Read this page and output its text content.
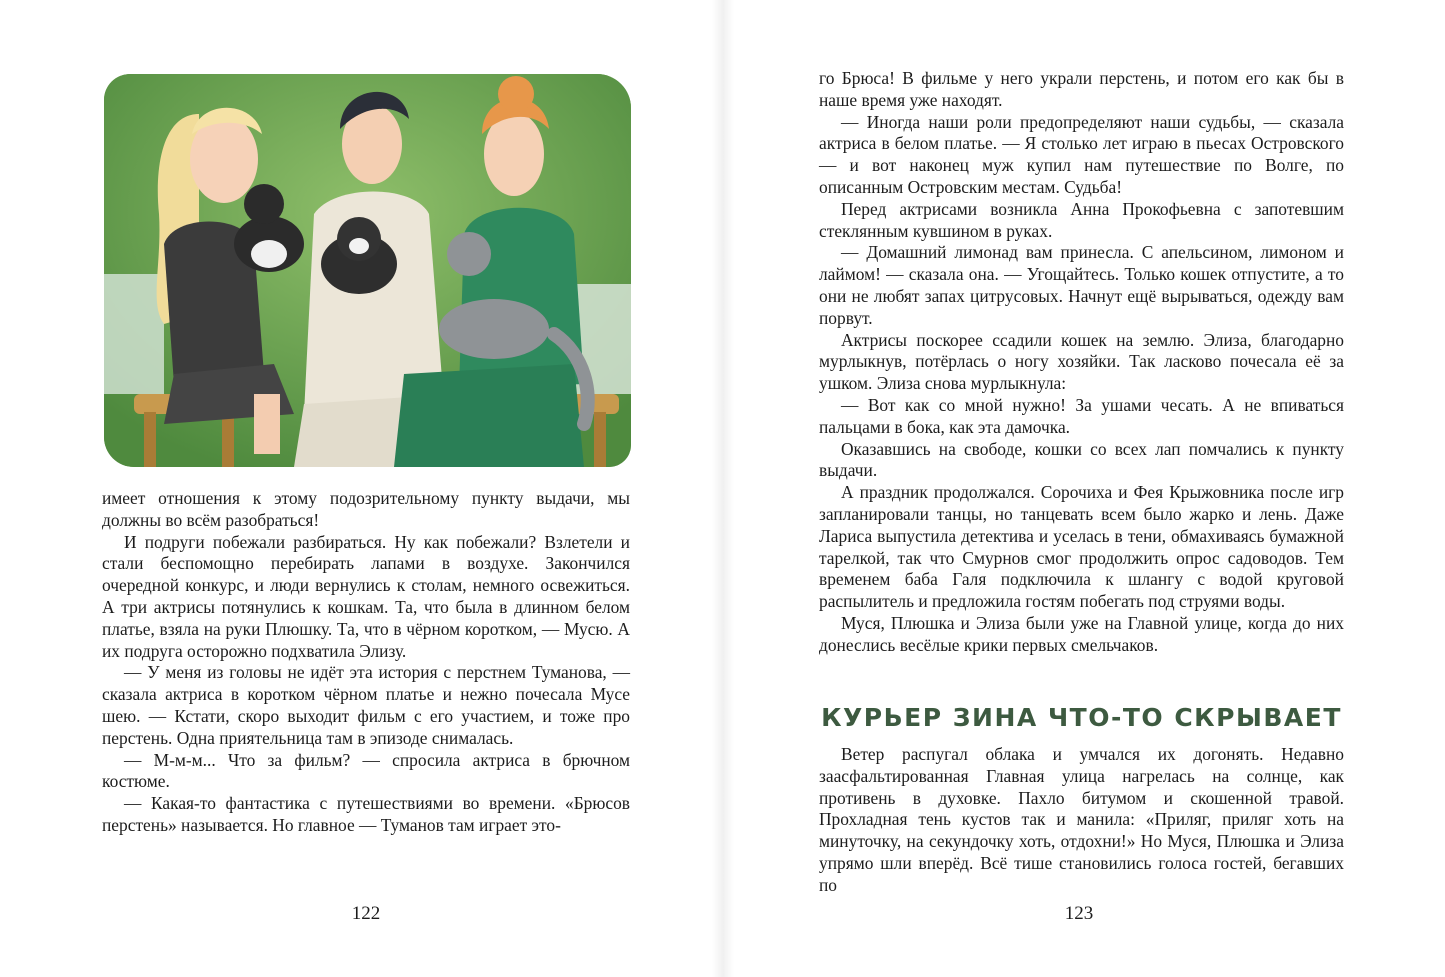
имеет отношения к этому подозрительному пункту выдачи, мы должны во всём разобраться!

И подруги побежали разбираться. Ну как побежали? Взлетели и стали беспомощно перебирать лапами в воздухе. Закончился очередной конкурс, и люди вернулись к столам, немного освежиться. А три актрисы потянулись к кошкам. Та, что была в длинном белом платье, взяла на руки Плюшку. Та, что в чёрном коротком, — Мусю. А их подруга осторожно подхватила Элизу.

— У меня из головы не идёт эта история с перстнем Туманова, — сказала актриса в коротком чёрном платье и нежно почесала Мусе шею. — Кстати, скоро выходит фильм с его участием, и тоже про перстень. Одна приятельница там в эпизоде снималась.

— М-м-м... Что за фильм? — спросила актриса в брючном костюме.

— Какая-то фантастика с путешествиями во времени. «Брюсов перстень» называется. Но главное — Туманов там играет это-

122

го Брюса! В фильме у него украли перстень, и потом его как бы в наше время уже находят.

— Иногда наши роли предопределяют наши судьбы, — сказала актриса в белом платье. — Я столько лет играю в пьесах Островского — и вот наконец муж купил нам путешествие по Волге, по описанным Островским местам. Судьба!

Перед актрисами возникла Анна Прокофьевна с запотевшим стеклянным кувшином в руках.

— Домашний лимонад вам принесла. С апельсином, лимоном и лаймом! — сказала она. — Угощайтесь. Только кошек отпустите, а то они не любят запах цитрусовых. Начнут ещё вырываться, одежду вам порвут.

Актрисы поскорее ссадили кошек на землю. Элиза, благодарно мурлыкнув, потёрлась о ногу хозяйки. Так ласково почесала её за ушком. Элиза снова мурлыкнула:

— Вот как со мной нужно! За ушами чесать. А не впиваться пальцами в бока, как эта дамочка.

Оказавшись на свободе, кошки со всех лап помчались к пункту выдачи.

А праздник продолжался. Сорочиха и Фея Крыжовника после игр запланировали танцы, но танцевать всем было жарко и лень. Даже Лариса выпустила детектива и уселась в тени, обмахиваясь бумажной тарелкой, так что Смурнов смог продолжить опрос садоводов. Тем временем баба Галя подключила к шлангу с водой круговой распылитель и предложила гостям побегать под струями воды.

Муся, Плюшка и Элиза были уже на Главной улице, когда до них донеслись весёлые крики первых смельчаков.

КУРЬЕР ЗИНА ЧТО-ТО СКРЫВАЕТ

Ветер распугал облака и умчался их догонять. Недавно заасфальтированная Главная улица нагрелась на солнце, как противень в духовке. Пахло битумом и скошенной травой. Прохладная тень кустов так и манила: «Приляг, приляг хоть на минуточку, на секундочку хоть, отдохни!» Но Муся, Плюшка и Элиза упрямо шли вперёд. Всё тише становились голоса гостей, бегавших по

123
